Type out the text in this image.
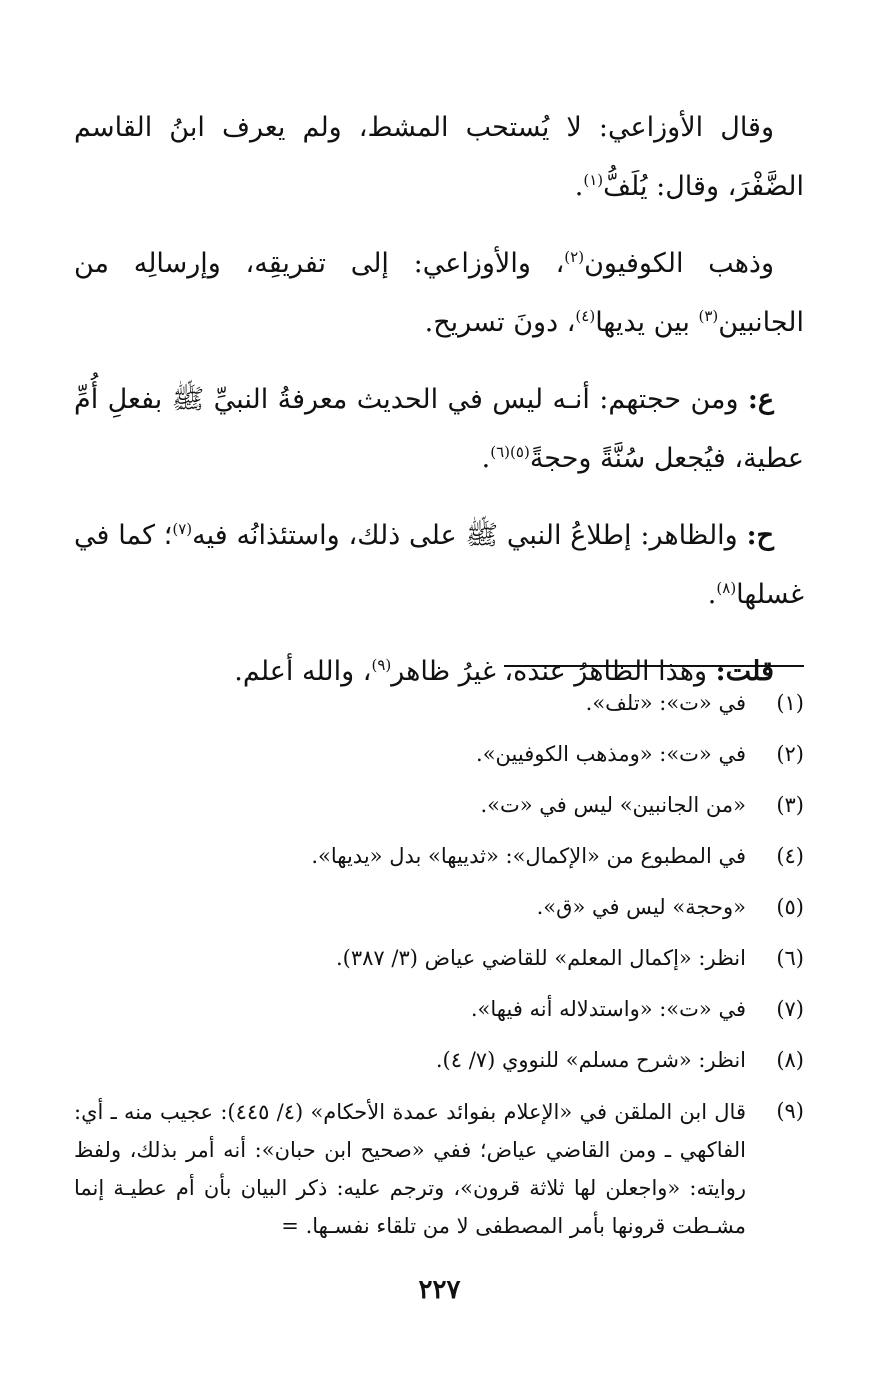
وقال الأوزاعي: لا يُستحب المشط، ولم يعرف ابنُ القاسم الضَّفْرَ، وقال: يُلَفُّ$^{(١)}$.

وذهب الكوفيون$^{(٢)}$، والأوزاعي: إلى تفريقِه، وإرسالِه من الجانبين$^{(٣)}$ بين يديها$^{(٤)}$، دونَ تسريح.

ع: ومن حجتهم: أنـه ليس في الحديث معرفةُ النبيِّ ﷺ بفعلِ أُمِّ عطية، فيُجعل سُنَّةً وحجةً$^{(٥)(٦)}$.

ح: والظاهر: إطلاعُ النبي ﷺ على ذلك، واستئذانُه فيه$^{(٧)}$؛ كما في غسلها$^{(٨)}$.

قلت: وهذا الظاهرُ عنده، غيرُ ظاهر$^{(٩)}$، والله أعلم.

(١)
في «ت»: «تلف».
(٢)
في «ت»: «ومذهب الكوفيين».
(٣)
«من الجانبين» ليس في «ت».
(٤)
في المطبوع من «الإكمال»: «ثدييها» بدل «يديها».
(٥)
«وحجة» ليس في «ق».
(٦)
انظر: «إكمال المعلم» للقاضي عياض (٣/ ٣٨٧).
(٧)
في «ت»: «واستدلاله أنه فيها».
(٨)
انظر: «شرح مسلم» للنووي (٧/ ٤).
(٩)
قال ابن الملقن في «الإعلام بفوائد عمدة الأحكام» (٤/ ٤٤٥): عجيب منه ـ أي: الفاكهي ـ ومن القاضي عياض؛ ففي «صحيح ابن حبان»: أنه أمر بذلك، ولفظ روايته: «واجعلن لها ثلاثة قرون»، وترجم عليه: ذكر البيان بأن أم عطيـة إنما مشـطت قرونها بأمر المصطفى لا من تلقاء نفسـها. =
٢٢٧
